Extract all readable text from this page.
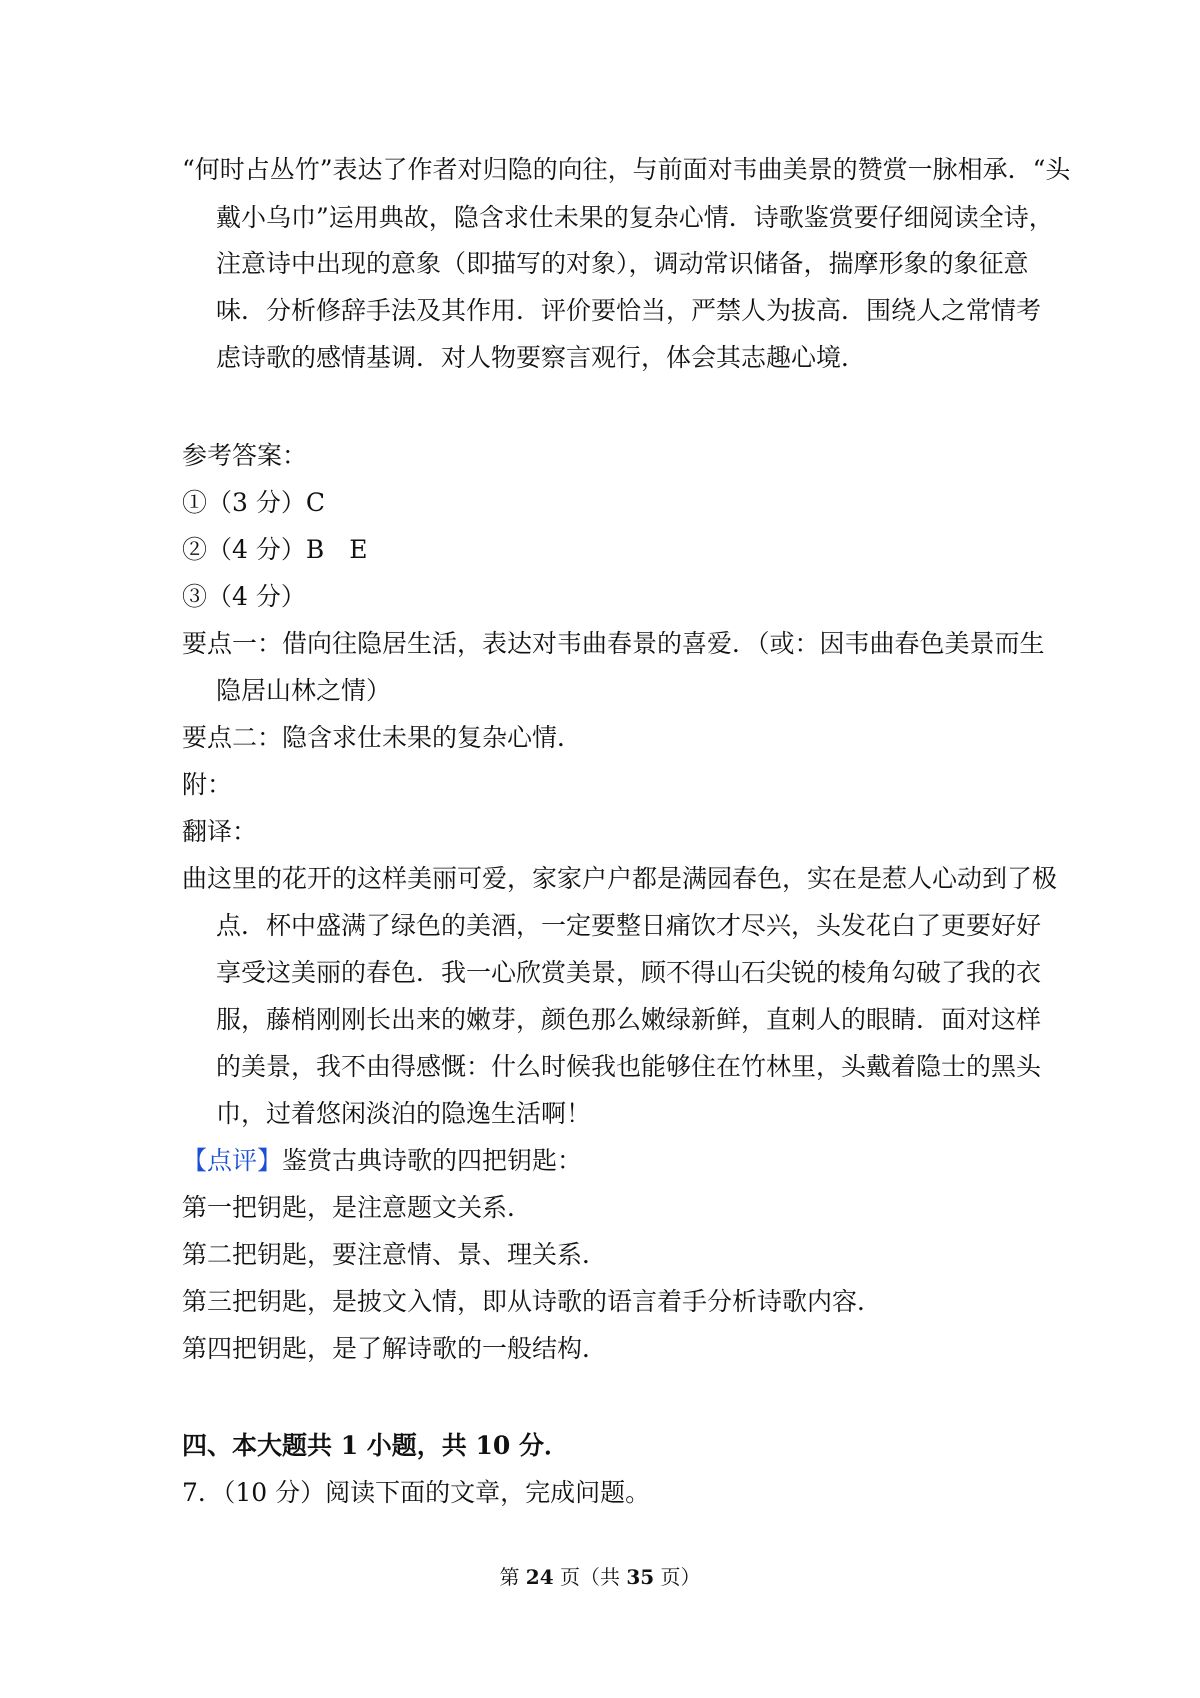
“何时占丛竹”表达了作者对归隐的向往，与前面对韦曲美景的赞赏一脉相承．“头
戴小乌巾”运用典故，隐含求仕未果的复杂心情．诗歌鉴赏要仔细阅读全诗，
注意诗中出现的意象（即描写的对象），调动常识储备，揣摩形象的象征意
味．分析修辞手法及其作用．评价要恰当，严禁人为拔高．围绕人之常情考
虑诗歌的感情基调．对人物要察言观行，体会其志趣心境．
参考答案：
①（3 分）C
②（4 分）B　E
③（4 分）
要点一：借向往隐居生活，表达对韦曲春景的喜爱．（或：因韦曲春色美景而生
隐居山林之情）
要点二：隐含求仕未果的复杂心情．
附：
翻译：
曲这里的花开的这样美丽可爱，家家户户都是满园春色，实在是惹人心动到了极
点．杯中盛满了绿色的美酒，一定要整日痛饮才尽兴，头发花白了更要好好
享受这美丽的春色．我一心欣赏美景，顾不得山石尖锐的棱角勾破了我的衣
服，藤梢刚刚长出来的嫩芽，颜色那么嫩绿新鲜，直刺人的眼睛．面对这样
的美景，我不由得感慨：什么时候我也能够住在竹林里，头戴着隐士的黑头
巾，过着悠闲淡泊的隐逸生活啊！
【点评】鉴赏古典诗歌的四把钥匙：
第一把钥匙，是注意题文关系．
第二把钥匙，要注意情、景、理关系．
第三把钥匙，是披文入情，即从诗歌的语言着手分析诗歌内容．
第四把钥匙，是了解诗歌的一般结构．
四、本大题共 1 小题，共 10 分．
7．（10 分）阅读下面的文章，完成问题。
第 24 页（共 35 页）
